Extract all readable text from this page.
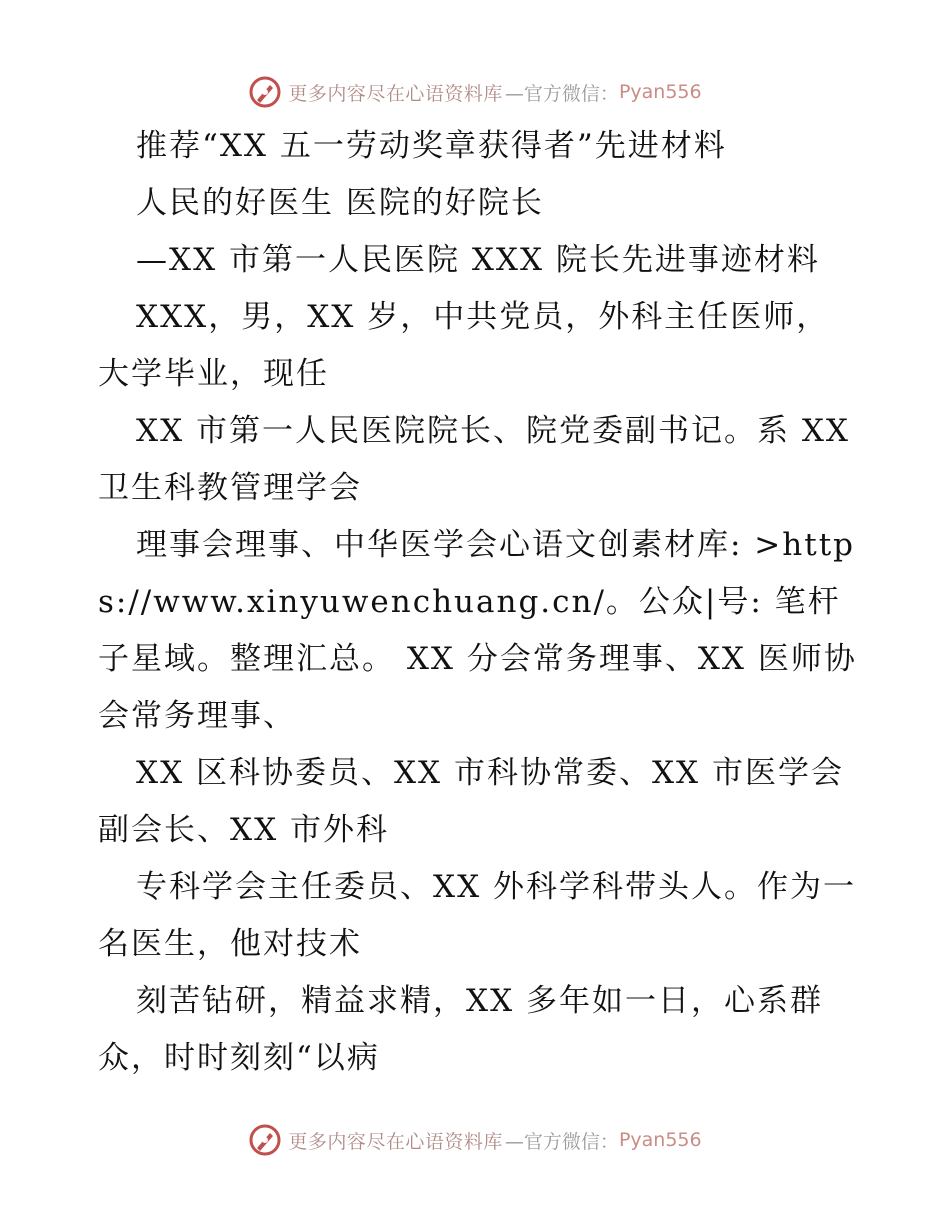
更多内容尽在心语资料库 —官方微信： Pyan556

推荐“XX 五一劳动奖章获得者”先进材料

人民的好医生 医院的好院长

—XX 市第一人民医院 XXX 院长先进事迹材料

XXX，男，XX 岁，中共党员，外科主任医师，大学毕业，现任

XX 市第一人民医院院长、院党委副书记。系 XX 卫生科教管理学会

理事会理事、中华医学会心语文创素材库: >https://www.xinyuwenchuang.cn/。公众|号: 笔杆子星域。整理汇总。 XX 分会常务理事、XX 医师协会常务理事、

XX 区科协委员、XX 市科协常委、XX 市医学会副会长、XX 市外科

专科学会主任委员、XX 外科学科带头人。作为一名医生，他对技术

刻苦钻研，精益求精，XX 多年如一日，心系群众，时时刻刻“以病

更多内容尽在心语资料库 —官方微信： Pyan556
